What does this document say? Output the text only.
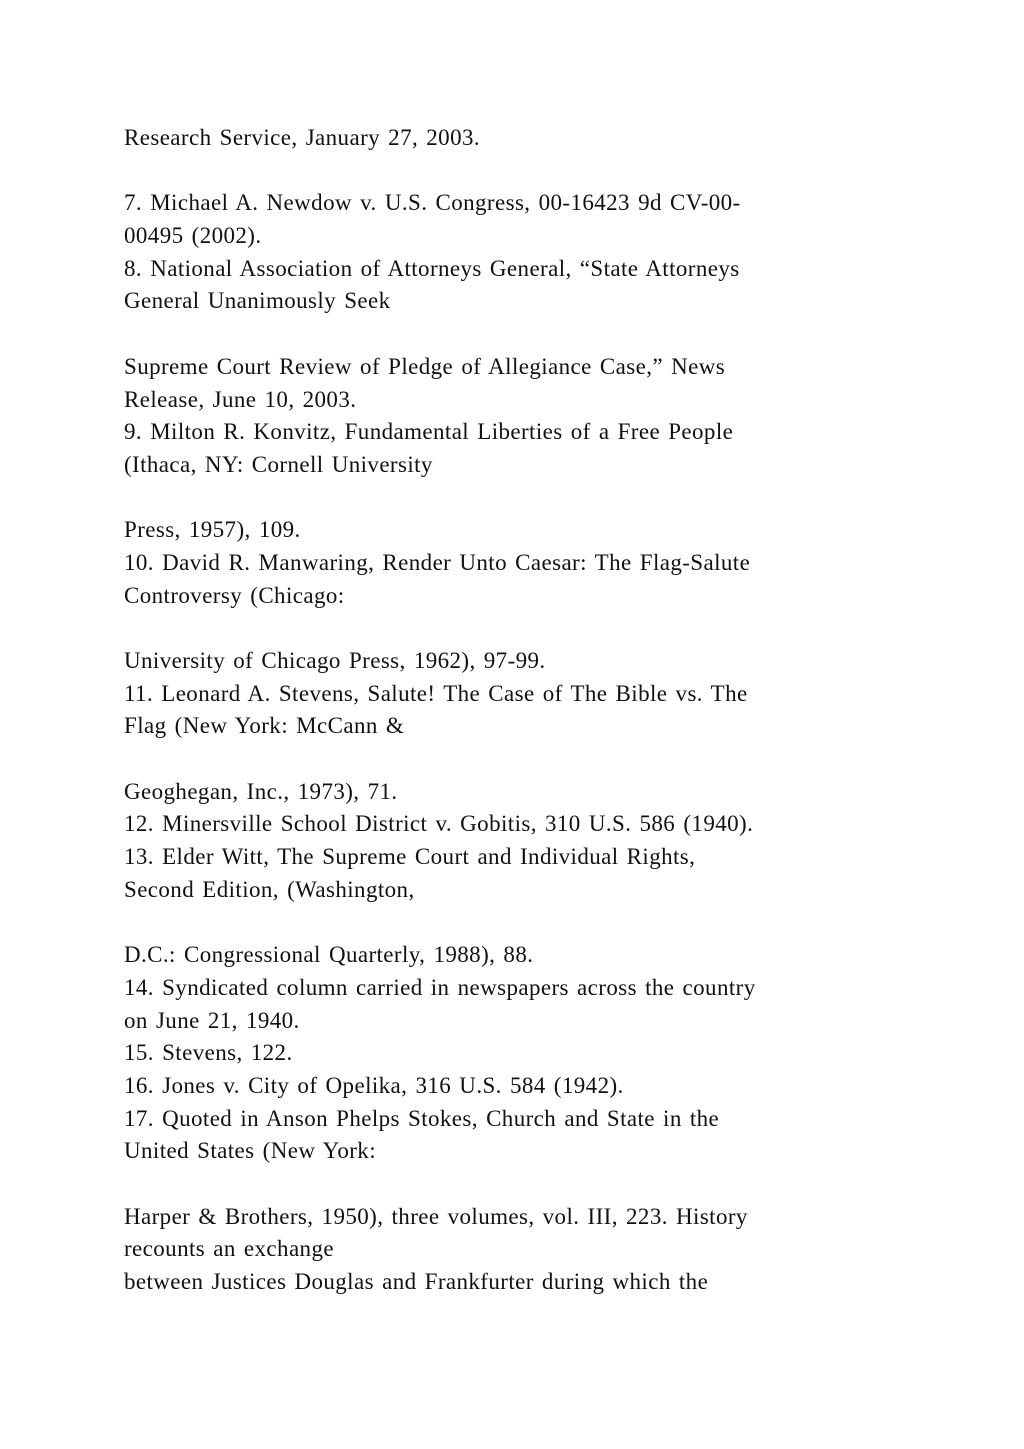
Research Service, January 27, 2003.
7. Michael A. Newdow v. U.S. Congress, 00-16423 9d CV-00-
00495 (2002).
8. National Association of Attorneys General, “State Attorneys
General Unanimously Seek
Supreme Court Review of Pledge of Allegiance Case,” News
Release, June 10, 2003.
9. Milton R. Konvitz, Fundamental Liberties of a Free People
(Ithaca, NY: Cornell University
Press, 1957), 109.
10. David R. Manwaring, Render Unto Caesar: The Flag-Salute
Controversy (Chicago:
University of Chicago Press, 1962), 97-99.
11. Leonard A. Stevens, Salute! The Case of The Bible vs. The
Flag (New York: McCann &
Geoghegan, Inc., 1973), 71.
12. Minersville School District v. Gobitis, 310 U.S. 586 (1940).
13. Elder Witt, The Supreme Court and Individual Rights,
Second Edition, (Washington,
D.C.: Congressional Quarterly, 1988), 88.
14. Syndicated column carried in newspapers across the country
on June 21, 1940.
15. Stevens, 122.
16. Jones v. City of Opelika, 316 U.S. 584 (1942).
17. Quoted in Anson Phelps Stokes, Church and State in the
United States (New York:
Harper & Brothers, 1950), three volumes, vol. III, 223. History
recounts an exchange
between Justices Douglas and Frankfurter during which the
